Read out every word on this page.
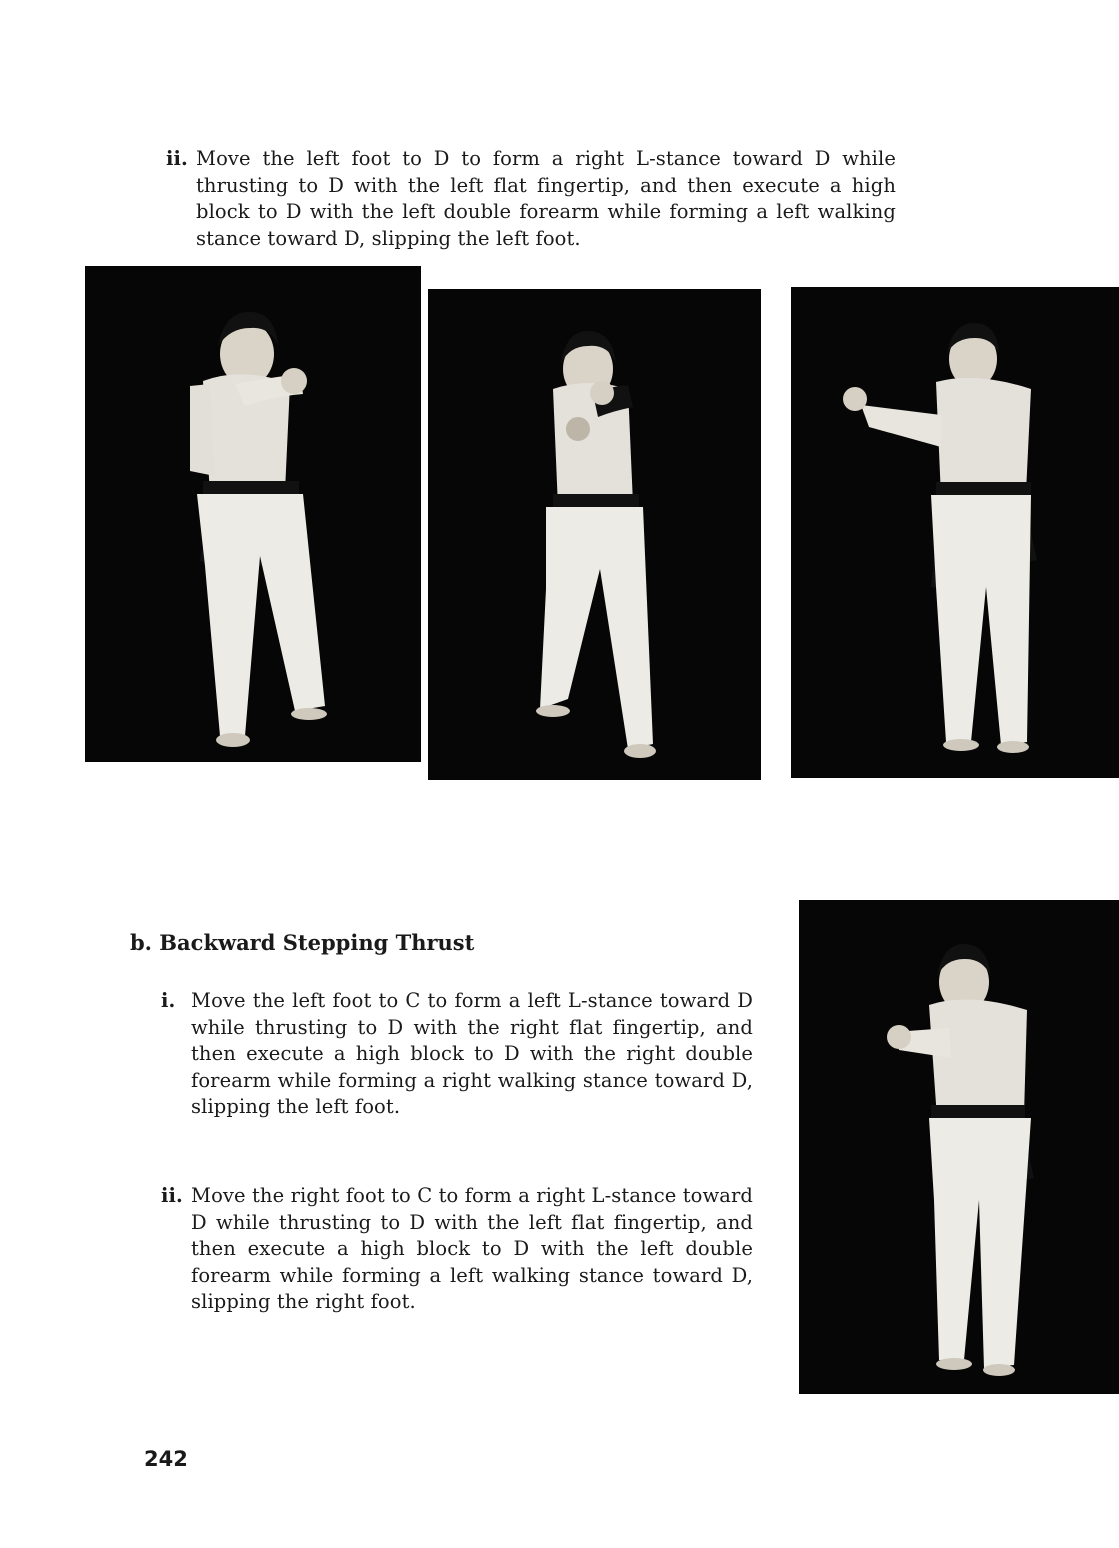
ii. Move the left foot to D to form a right L-stance toward D while thrusting to D with the left flat fingertip, and then execute a high block to D with the left double forearm while forming a left walking stance toward D, slipping the left foot.
b. Backward Stepping Thrust
i. Move the left foot to C to form a left L-stance toward D while thrusting to D with the right flat fingertip, and then execute a high block to D with the right double forearm while forming a right walking stance toward D, slipping the left foot.
ii. Move the right foot to C to form a right L-stance toward D while thrusting to D with the left flat fingertip, and then execute a high block to D with the left double forearm while forming a left walking stance toward D, slipping the right foot.
242
